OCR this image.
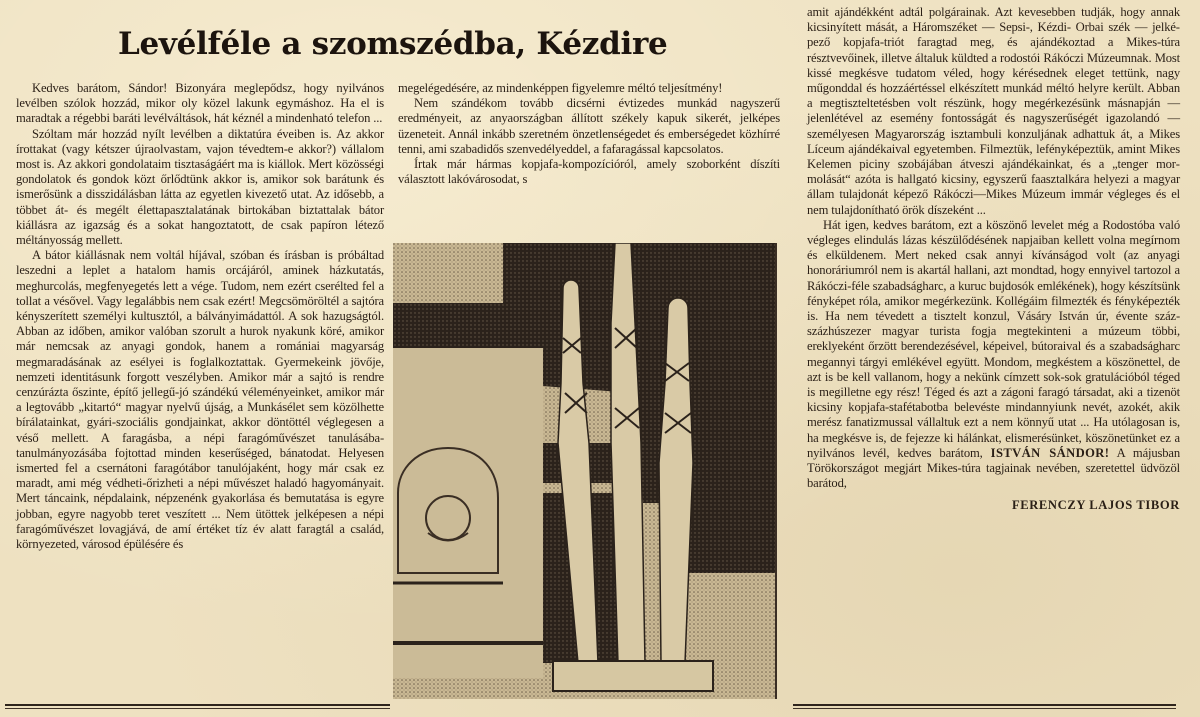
Levélféle a szomszédba, Kézdire

Kedves barátom, Sándor! Bizonyára meglepődsz, hogy nyilvános levélben szólok hozzád, mikor oly közel lakunk egymáshoz. Ha el is maradtak a régebbi baráti levélváltások, hát kéznél a mindenható telefon ...

Szóltam már hozzád nyílt levélben a diktatúra éveiben is. Az akkor írottakat (vagy kétszer újraolvastam, vajon tévedtem-e akkor?) vállalom most is. Az akkori gondolataim tisztaságáért ma is kiállok. Mert közösségi gondolatok és gondok közt őrlődtünk akkor is, amikor sok barátunk és ismerősünk a disszidálásban látta az egyetlen kivezető utat. Az idősebb, a többet át- és megélt élettapasztalatának birtokában biztattalak bátor kiállásra az igazság és a sokat hangoztatott, de csak papíron létező méltányosság mellett.

A bátor kiállásnak nem voltál híjával, szóban és írásban is próbáltad leszedni a leplet a hatalom hamis orcájáról, aminek házkutatás, meghurcolás, megfenyegetés lett a vége. Tudom, nem ezért cserélted fel a tollat a vésővel. Vagy legalábbis nem csak ezért! Megcsömöröltél a sajtóra kényszerített személyi kultusztól, a bálványimádattól. A sok hazugságtól. Abban az időben, amikor valóban szorult a hurok nyakunk köré, amikor már nemcsak az anyagi gondok, hanem a romániai magyarság megmaradásának az esélyei is foglalkoztattak. Gyermekeink jövője, nemzeti identitásunk forgott veszélyben. Amikor már a sajtó is rendre cenzúrázta őszinte, építő jellegű-jó szándékú véleményeinket, amikor már a legtovább „kitartó“ magyar nyelvű újság, a Munkásélet sem közölhette bírálatainkat, gyári-szociális gondjainkat, akkor döntöttél véglegesen a véső mellett. A faragásba, a népi faragóművészet tanulásába-tanulmányozásába fojtottad minden keserűséged, bánatodat. Helyesen ismerted fel a csernátoni faragótábor tanulójaként, hogy már csak ez maradt, ami még védheti-őrizheti a népi művészet haladó hagyományait. Mert táncaink, népdalaink, népzenénk gyakorlása és bemutatása is egyre jobban, egyre nagyobb teret veszített ... Nem ütöttek jelképesen a népi faragóművészet lovagjává, de amí értéket tíz év alatt faragtál a család, környezeted, városod épülésére és

megelégedésére, az mindenképpen figyelemre méltó teljesítmény!

Nem szándékom tovább dicsérni évtizedes munkád nagyszerű eredményeit, az anyaországban állított székely kapuk sikerét, jelképes üzeneteit. Annál inkább szeretném önzetlenségedet és emberségedet közhírré tenni, ami szabadidős szenvedélyeddel, a fafaragással kapcsolatos.

Írtak már hármas kopjafa-kompozícióról, amely szoborként díszíti választott lakóvárosodat, s

amit ajándékként adtál polgárainak. Azt kevesebben tudják, hogy annak kicsinyített mását, a Háromszéket — Sepsi-, Kézdi- Orbai szék — jelképező kopjafa-triót faragtad meg, és ajándékoztad a Mikes-túra résztvevőinek, illetve általuk küldted a rodostói Rákóczi Múzeumnak. Most kissé megkésve tudatom véled, hogy kérésednek eleget tettünk, nagy műgonddal és hozzáértéssel elkészített munkád méltó helyre került. Abban a megtiszteltetésben volt részünk, hogy megérkezésünk másnapján — jelenlétével az esemény fontosságát és nagyszerűségét igazolandó — személyesen Magyarország isztambuli konzuljának adhattuk át, a Mikes Líceum ajándékaival egyetemben. Filmeztük, lefényképeztük, amint Mikes Kelemen piciny szobájában átveszi ajándékainkat, és a „tenger mormolását“ azóta is hallgató kicsiny, egyszerű faasztalkára helyezi a magyar állam tulajdonát képező Rákóczi—Mikes Múzeum immár végleges és el nem tulajdonítható örök díszeként ...

Hát igen, kedves barátom, ezt a köszönő levelet még a Rodostóba való végleges elindulás lázas készülődésének napjaiban kellett volna megírnom és elküldenem. Mert neked csak annyi kívánságod volt (az anyagi honoráriumról nem is akartál hallani, azt mondtad, hogy ennyivel tartozol a Rákóczi-féle szabadságharc, a kuruc bujdosók emlékének), hogy készítsünk fényképet róla, amikor megérkezünk. Kollégáim filmezték és fényképezték is. Ha nem tévedett a tisztelt konzul, Vásáry István úr, évente száz-százhúszezer magyar turista fogja megtekinteni a múzeum többi, ereklyeként őrzött berendezésével, képeivel, bútoraival és a szabadságharc megannyi tárgyi emlékével együtt. Mondom, megkéstem a köszönettel, de azt is be kell vallanom, hogy a nekünk címzett sok-sok gratulációból téged is megilletne egy rész! Téged és azt a zágoni faragó társadat, aki a tizenöt kicsiny kopjafa-stafétabotba belevéste mindannyiunk nevét, azokét, akik merész fanatizmussal vállaltuk ezt a nem könnyű utat ... Ha utólagosan is, ha megkésve is, de fejezze ki hálánkat, elismerésünket, köszönetünket ez a nyilvános levél, kedves barátom, ISTVÁN SÁNDOR! A májusban Törökországot megjárt Mikes-túra tagjainak nevében, szeretettel üdvözöl barátod,

FERENCZY LAJOS TIBOR
